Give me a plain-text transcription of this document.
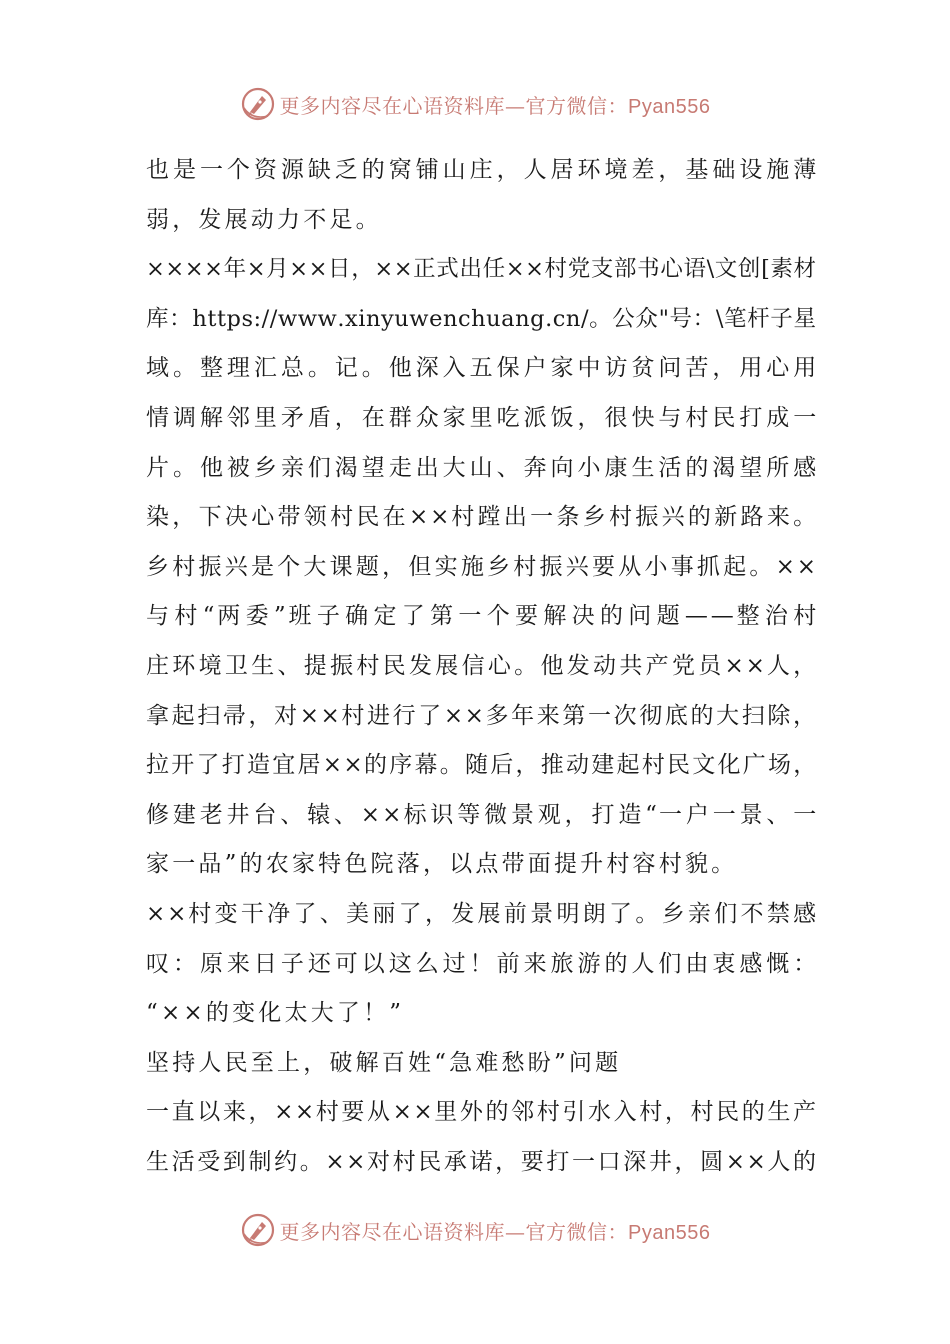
更多内容尽在心语资料库—官方微信：Pyan556
也 是 一 个 资 源 缺 乏 的 窝 铺 山 庄 ， 人 居 环 境 差 ， 基 础 设 施 薄
弱，发展动力不足。
× × × × 年 × 月 × × 日 ， × × 正 式 出 任 × × 村 党 支 部 书 心 语 \ 文 创 [ 素 材
库 ： h t t p s : / / w w w . x i n y u w e n c h u a n g . c n / 。 公 众 " 号 ： \ 笔 杆 子 星
域 。 整 理 汇 总 。 记 。 他 深 入 五 保 户 家 中 访 贫 问 苦 ， 用 心 用
情 调 解 邻 里 矛 盾 ， 在 群 众 家 里 吃 派 饭 ， 很 快 与 村 民 打 成 一
片 。 他 被 乡 亲 们 渴 望 走 出 大 山 、 奔 向 小 康 生 活 的 渴 望 所 感
染 ， 下 决 心 带 领 村 民 在 × × 村 蹚 出 一 条 乡 村 振 兴 的 新 路 来 。
乡 村 振 兴 是 个 大 课 题 ， 但 实 施 乡 村 振 兴 要 从 小 事 抓 起 。 × ×
与 村 “ 两 委 ” 班 子 确 定 了 第 一 个 要 解 决 的 问 题 — — 整 治 村
庄 环 境 卫 生 、 提 振 村 民 发 展 信 心 。 他 发 动 共 产 党 员 × × 人 ，
拿 起 扫 帚 ， 对 × × 村 进 行 了 × × 多 年 来 第 一 次 彻 底 的 大 扫 除 ，
拉 开 了 打 造 宜 居 × × 的 序 幕 。 随 后 ， 推 动 建 起 村 民 文 化 广 场 ，
修 建 老 井 台 、 辕 、 × × 标 识 等 微 景 观 ， 打 造 “ 一 户 一 景 、 一
家一品”的农家特色院落，以点带面提升村容村貌。
× × 村 变 干 净 了 、 美 丽 了 ， 发 展 前 景 明 朗 了 。 乡 亲 们 不 禁 感
叹 ： 原 来 日 子 还 可 以 这 么 过 ！ 前 来 旅 游 的 人 们 由 衷 感 慨 ：
“××的变化太大了！”
坚持人民至上，破解百姓“急难愁盼”问题
一 直 以 来 ， × × 村 要 从 × × 里 外 的 邻 村 引 水 入 村 ， 村 民 的 生 产
生 活 受 到 制 约 。 × × 对 村 民 承 诺 ， 要 打 一 口 深 井 ， 圆 × × 人 的
更多内容尽在心语资料库—官方微信：Pyan556
